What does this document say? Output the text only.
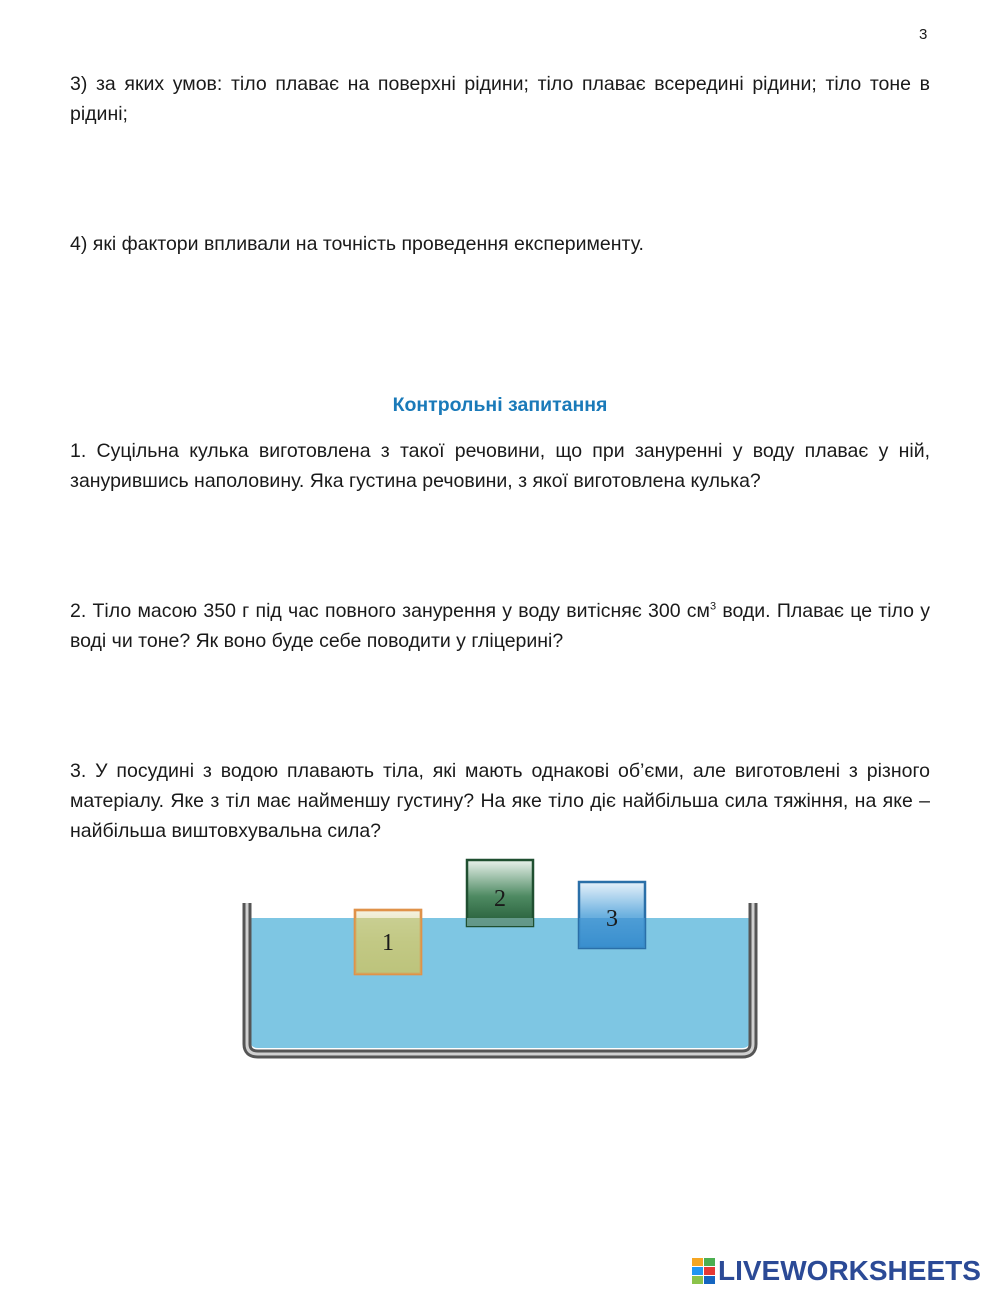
3

3) за яких умов: тіло плаває на поверхні рідини; тіло плаває всередині рідини; тіло тоне в рідині;

4) які фактори впливали на точність проведення експерименту.

Контрольні запитання

1. Суцільна кулька виготовлена з такої речовини, що при зануренні у воду плаває у ній, занурившись наполовину. Яка густина речовини, з якої виготовлена кулька?

2. Тіло масою 350 г під час повного занурення у воду витісняє 300 $см^3$ води. Плаває це тіло у воді чи тоне? Як воно буде себе поводити у гліцерині?

3. У посудині з водою плавають тіла, які мають однакові об’єми, але виготовлені з різного матеріалу. Яке з тіл має найменшу густину? На яке тіло діє найбільша сила тяжіння, на яке – найбільша виштовхувальна сила?

1
2
3
LIVEWORKSHEETS
